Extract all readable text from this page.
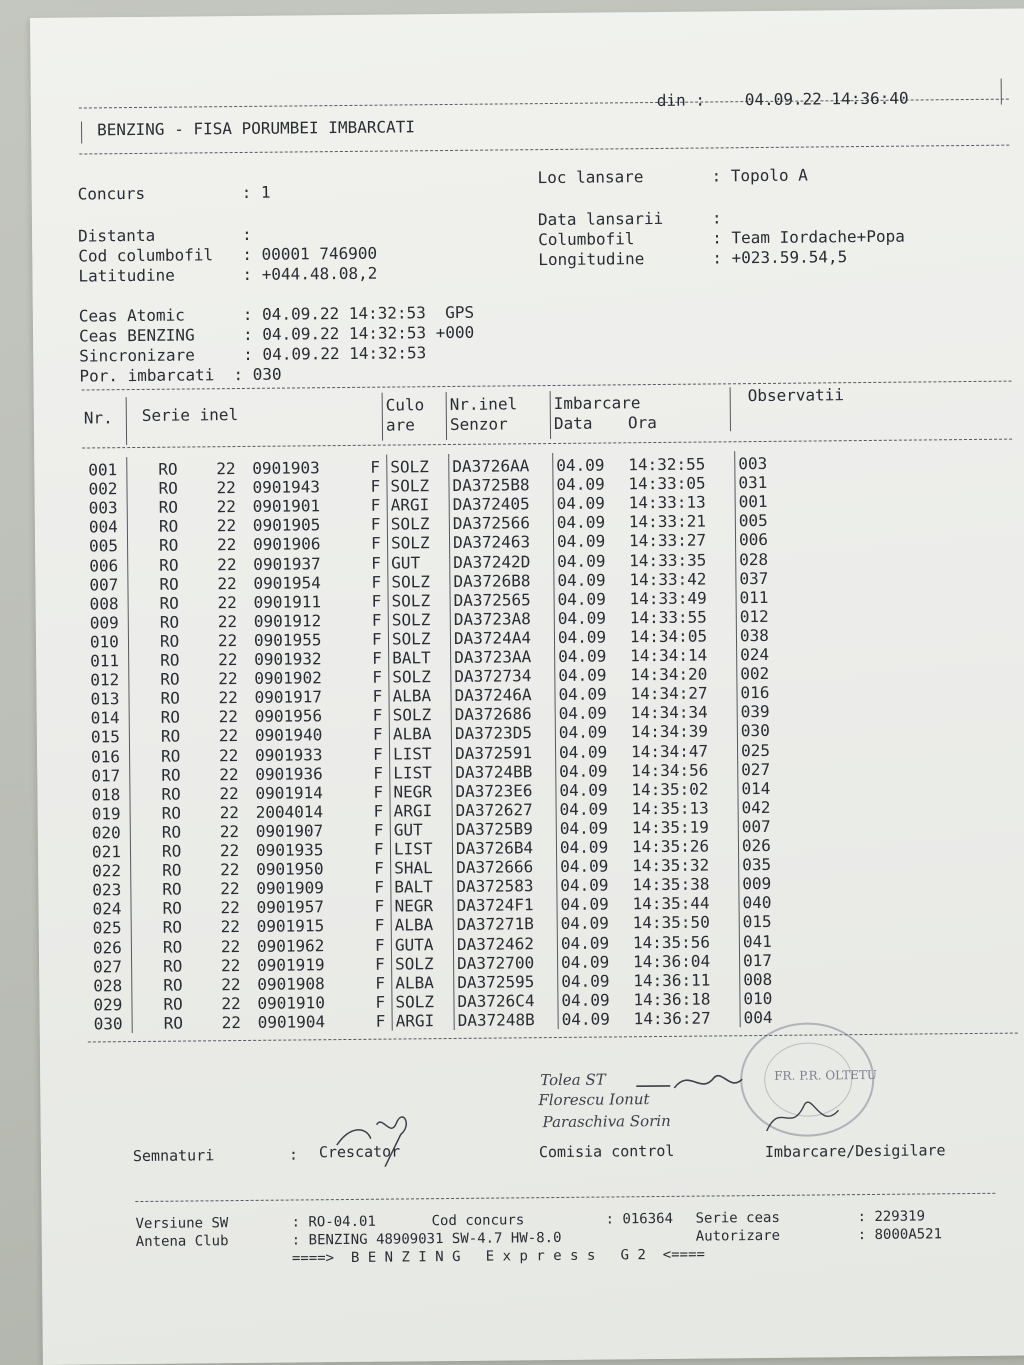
BENZING - FISA PORUMBEI IMBARCATI
din : 04.09.22 14:36:40
Concurs	: 1
Loc lansare	: Topolo A
Distanta	:
Data lansarii	:
Cod columbofil : 00001 746900
Columbofil	: Team Iordache+Popa
Latitudine	: +044.48.08,2
Longitudine	: +023.59.54,5
Ceas Atomic	: 04.09.22 14:32:53  GPS
Ceas BENZING	: 04.09.22 14:32:53 +000
Sincronizare	: 04.09.22 14:32:53
Por. imbarcati : 030
Nr. Serie inel
Culo
are
Nr.inel
Senzor
Imbarcare
Data Ora
Observatii
001	RO 22 0901903	F SOLZ DA3726AA 04.09 14:32:55 003
002	RO 22 0901943	F SOLZ DA3725B8 04.09 14:33:05 031
003	RO 22 0901901	F ARGI DA372405 04.09 14:33:13 001
004	RO 22 0901905	F SOLZ DA372566 04.09 14:33:21 005
005	RO 22 0901906	F SOLZ DA372463 04.09 14:33:27 006
006	RO 22 0901937	F GUT DA37242D 04.09 14:33:35 028
007	RO 22 0901954	F SOLZ DA3726B8 04.09 14:33:42 037
008	RO 22 0901911	F SOLZ DA372565 04.09 14:33:49 011
009	RO 22 0901912	F SOLZ DA3723A8 04.09 14:33:55 012
010	RO 22 0901955	F SOLZ DA3724A4 04.09 14:34:05 038
011	RO 22 0901932	F BALT DA3723AA 04.09 14:34:14 024
012	RO 22 0901902	F SOLZ DA372734 04.09 14:34:20 002
013	RO 22 0901917	F ALBA DA37246A 04.09 14:34:27 016
014	RO 22 0901956	F SOLZ DA372686 04.09 14:34:34 039
015	RO 22 0901940	F ALBA DA3723D5 04.09 14:34:39 030
016	RO 22 0901933	F LIST DA372591 04.09 14:34:47 025
017	RO 22 0901936	F LIST DA3724BB 04.09 14:34:56 027
018	RO 22 0901914	F NEGR DA3723E6 04.09 14:35:02 014
019	RO 22 2004014	F ARGI DA372627 04.09 14:35:13 042
020	RO 22 0901907	F GUT DA3725B9 04.09 14:35:19 007
021	RO 22 0901935	F LIST DA3726B4 04.09 14:35:26 026
022	RO 22 0901950	F SHAL DA372666 04.09 14:35:32 035
023	RO 22 0901909	F BALT DA372583 04.09 14:35:38 009
024	RO 22 0901957	F NEGR DA3724F1 04.09 14:35:44 040
025	RO 22 0901915	F ALBA DA37271B 04.09 14:35:50 015
026	RO 22 0901962	F GUTA DA372462 04.09 14:35:56 041
027	RO 22 0901919	F SOLZ DA372700 04.09 14:36:04 017
028	RO 22 0901908	F ALBA DA372595 04.09 14:36:11 008
029	RO 22 0901910	F SOLZ DA3726C4 04.09 14:36:18 010
030	RO 22 0901904	F ARGI DA37248B 04.09 14:36:27 004
FR. P.R. OLTETU
Tolea ST
Florescu Ionut
Paraschiva Sorin
Semnaturi	: Crescator	Comisia control	Imbarcare/Desigilare
Versiune SW	: RO-04.01	Cod concurs	: 016364 Serie ceas	: 229319
Antena Club	: BENZING 48909031 SW-4.7 HW-8.0	Autorizare	: 8000A521
====>  B E N Z I N G   E x p r e s s   G 2  <====
